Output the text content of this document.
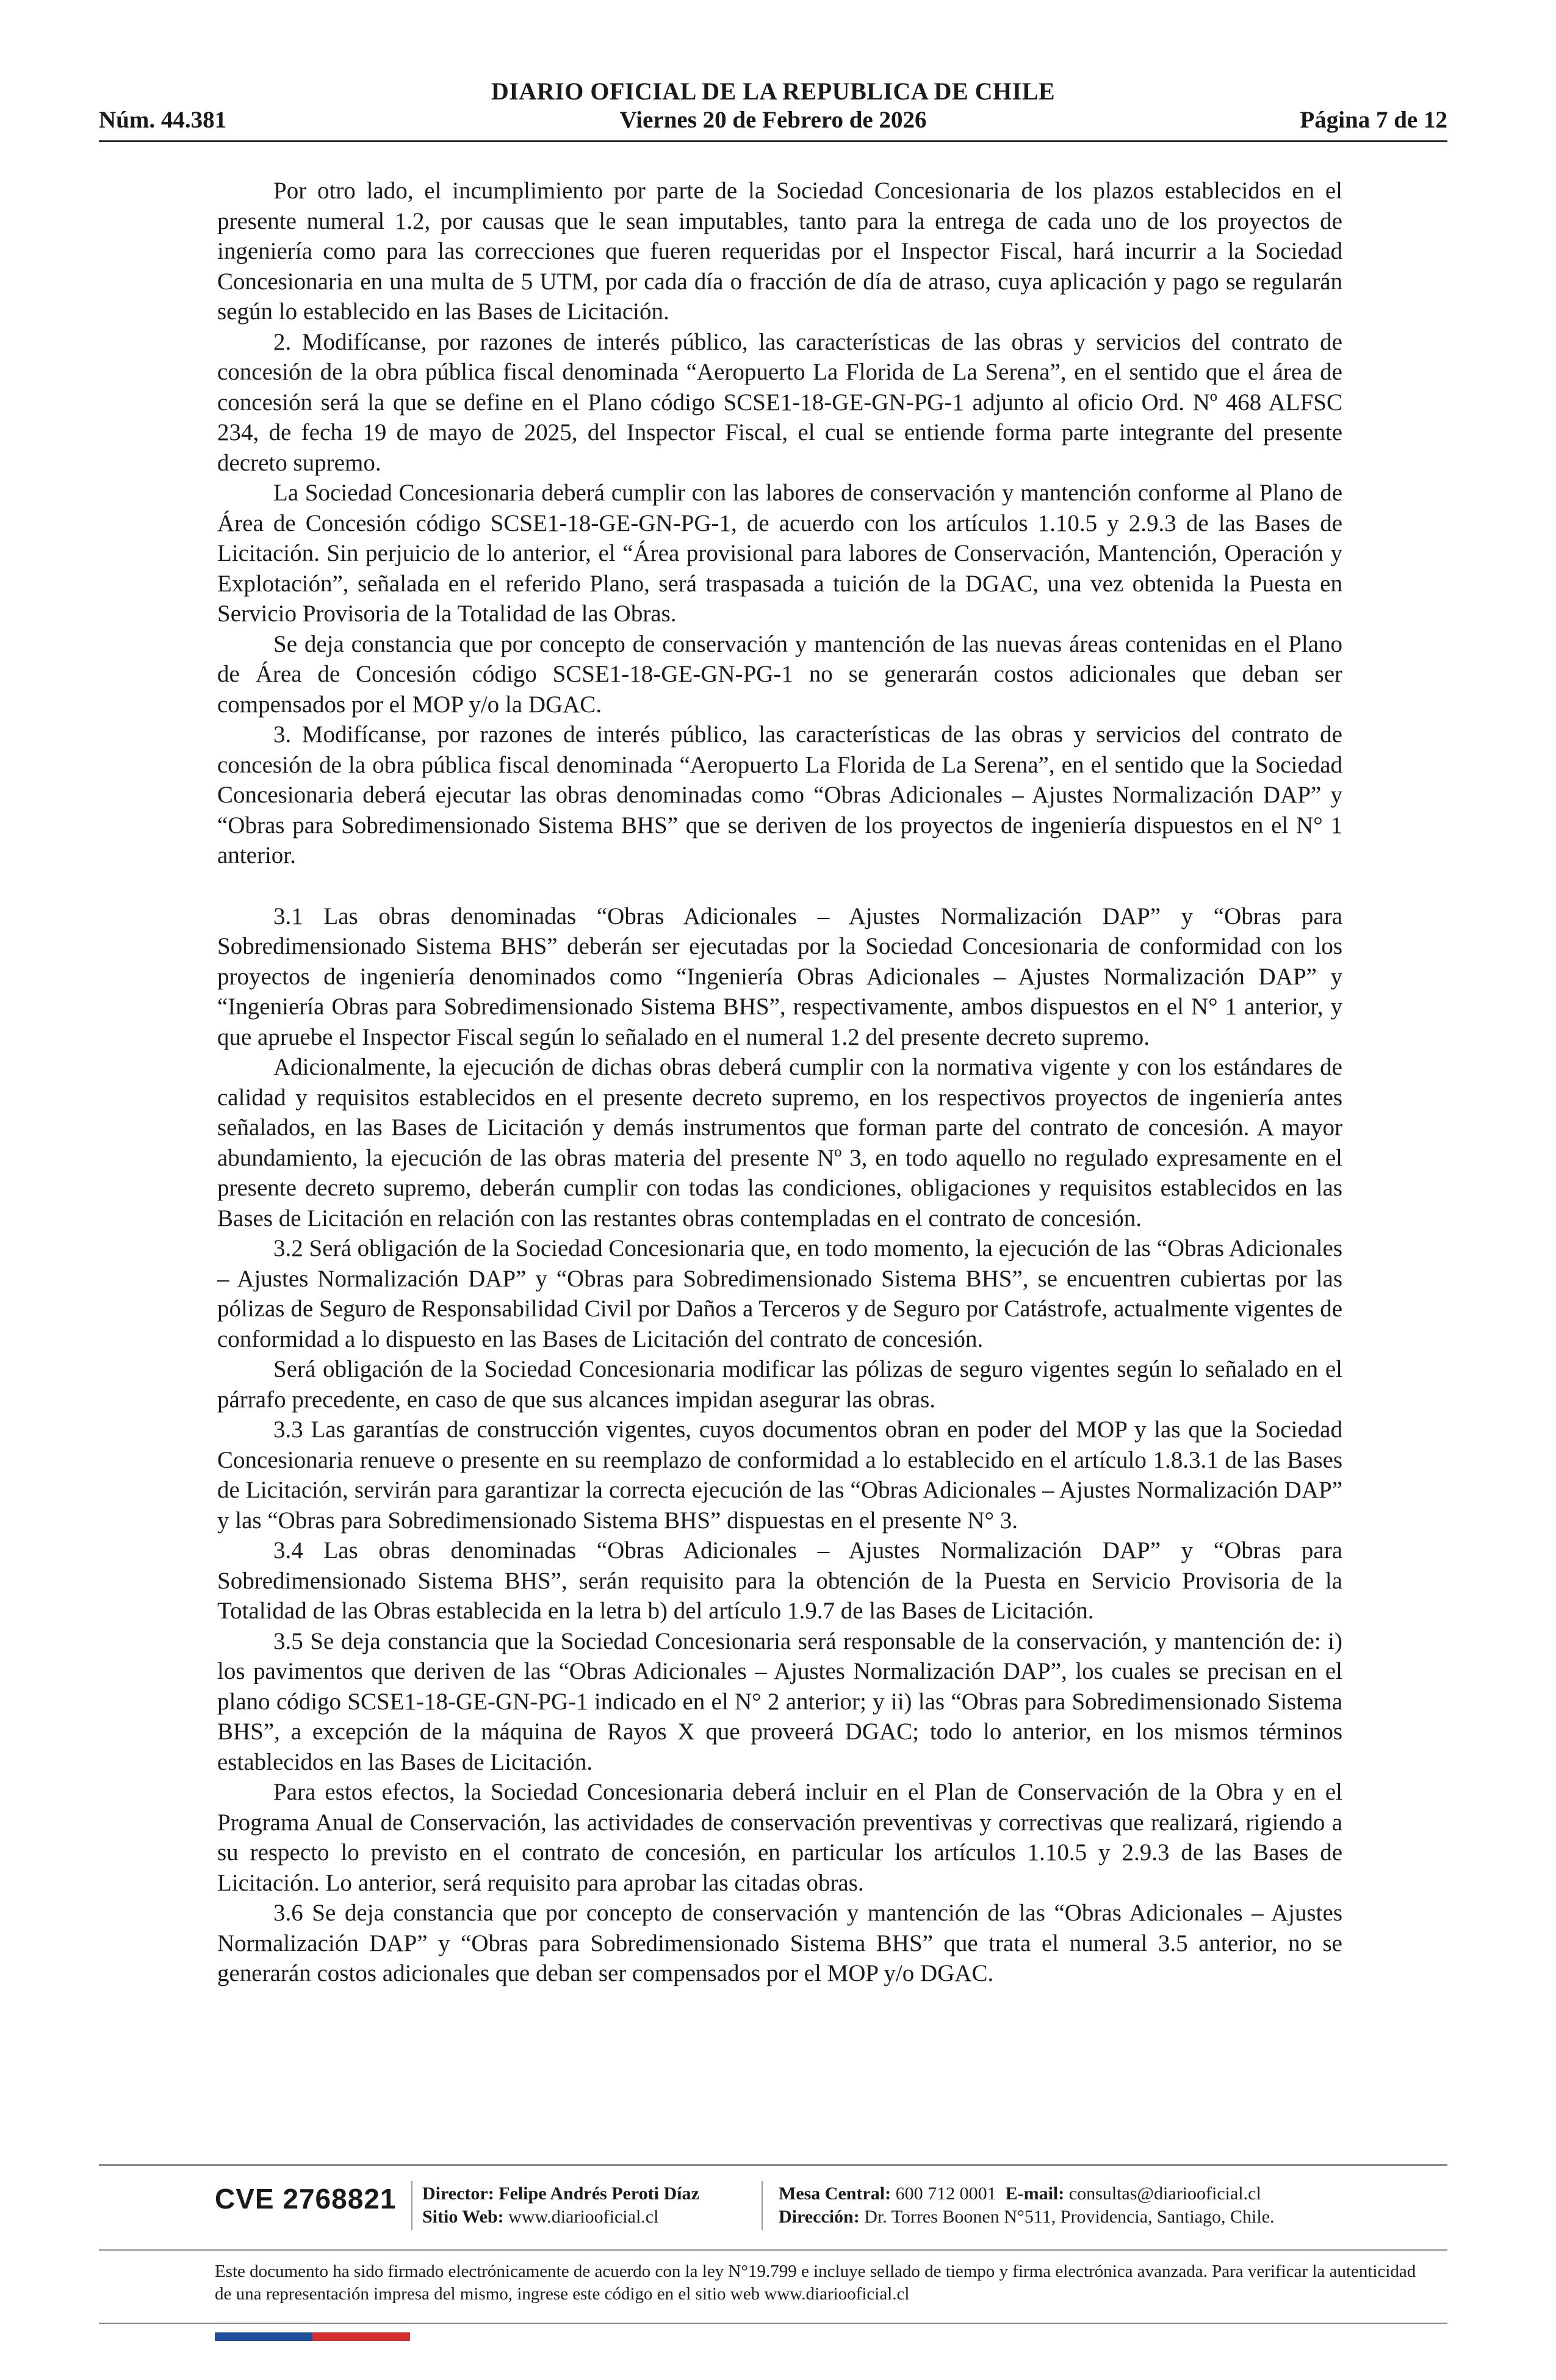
DIARIO OFICIAL DE LA REPUBLICA DE CHILE
Núm. 44.381	Viernes 20 de Febrero de 2026	Página 7 de 12

Por otro lado, el incumplimiento por parte de la Sociedad Concesionaria de los plazos establecidos en el presente numeral 1.2, por causas que le sean imputables, tanto para la entrega de cada uno de los proyectos de ingeniería como para las correcciones que fueren requeridas por el Inspector Fiscal, hará incurrir a la Sociedad Concesionaria en una multa de 5 UTM, por cada día o fracción de día de atraso, cuya aplicación y pago se regularán según lo establecido en las Bases de Licitación.

2. Modifícanse, por razones de interés público, las características de las obras y servicios del contrato de concesión de la obra pública fiscal denominada “Aeropuerto La Florida de La Serena”, en el sentido que el área de concesión será la que se define en el Plano código SCSE1-18-GE-GN-PG-1 adjunto al oficio Ord. Nº 468 ALFSC 234, de fecha 19 de mayo de 2025, del Inspector Fiscal, el cual se entiende forma parte integrante del presente decreto supremo.

La Sociedad Concesionaria deberá cumplir con las labores de conservación y mantención conforme al Plano de Área de Concesión código SCSE1-18-GE-GN-PG-1, de acuerdo con los artículos 1.10.5 y 2.9.3 de las Bases de Licitación. Sin perjuicio de lo anterior, el “Área provisional para labores de Conservación, Mantención, Operación y Explotación”, señalada en el referido Plano, será traspasada a tuición de la DGAC, una vez obtenida la Puesta en Servicio Provisoria de la Totalidad de las Obras.

Se deja constancia que por concepto de conservación y mantención de las nuevas áreas contenidas en el Plano de Área de Concesión código SCSE1-18-GE-GN-PG-1 no se generarán costos adicionales que deban ser compensados por el MOP y/o la DGAC.

3. Modifícanse, por razones de interés público, las características de las obras y servicios del contrato de concesión de la obra pública fiscal denominada “Aeropuerto La Florida de La Serena”, en el sentido que la Sociedad Concesionaria deberá ejecutar las obras denominadas como “Obras Adicionales – Ajustes Normalización DAP” y “Obras para Sobredimensionado Sistema BHS” que se deriven de los proyectos de ingeniería dispuestos en el N° 1 anterior.

3.1 Las obras denominadas “Obras Adicionales – Ajustes Normalización DAP” y “Obras para Sobredimensionado Sistema BHS” deberán ser ejecutadas por la Sociedad Concesionaria de conformidad con los proyectos de ingeniería denominados como “Ingeniería Obras Adicionales – Ajustes Normalización DAP” y “Ingeniería Obras para Sobredimensionado Sistema BHS”, respectivamente, ambos dispuestos en el N° 1 anterior, y que apruebe el Inspector Fiscal según lo señalado en el numeral 1.2 del presente decreto supremo.

Adicionalmente, la ejecución de dichas obras deberá cumplir con la normativa vigente y con los estándares de calidad y requisitos establecidos en el presente decreto supremo, en los respectivos proyectos de ingeniería antes señalados, en las Bases de Licitación y demás instrumentos que forman parte del contrato de concesión. A mayor abundamiento, la ejecución de las obras materia del presente Nº 3, en todo aquello no regulado expresamente en el presente decreto supremo, deberán cumplir con todas las condiciones, obligaciones y requisitos establecidos en las Bases de Licitación en relación con las restantes obras contempladas en el contrato de concesión.

3.2 Será obligación de la Sociedad Concesionaria que, en todo momento, la ejecución de las “Obras Adicionales – Ajustes Normalización DAP” y “Obras para Sobredimensionado Sistema BHS”, se encuentren cubiertas por las pólizas de Seguro de Responsabilidad Civil por Daños a Terceros y de Seguro por Catástrofe, actualmente vigentes de conformidad a lo dispuesto en las Bases de Licitación del contrato de concesión.

Será obligación de la Sociedad Concesionaria modificar las pólizas de seguro vigentes según lo señalado en el párrafo precedente, en caso de que sus alcances impidan asegurar las obras.

3.3 Las garantías de construcción vigentes, cuyos documentos obran en poder del MOP y las que la Sociedad Concesionaria renueve o presente en su reemplazo de conformidad a lo establecido en el artículo 1.8.3.1 de las Bases de Licitación, servirán para garantizar la correcta ejecución de las “Obras Adicionales – Ajustes Normalización DAP” y las “Obras para Sobredimensionado Sistema BHS” dispuestas en el presente N° 3.

3.4 Las obras denominadas “Obras Adicionales – Ajustes Normalización DAP” y “Obras para Sobredimensionado Sistema BHS”, serán requisito para la obtención de la Puesta en Servicio Provisoria de la Totalidad de las Obras establecida en la letra b) del artículo 1.9.7 de las Bases de Licitación.

3.5 Se deja constancia que la Sociedad Concesionaria será responsable de la conservación, y mantención de: i) los pavimentos que deriven de las “Obras Adicionales – Ajustes Normalización DAP”, los cuales se precisan en el plano código SCSE1-18-GE-GN-PG-1 indicado en el N° 2 anterior; y ii) las “Obras para Sobredimensionado Sistema BHS”, a excepción de la máquina de Rayos X que proveerá DGAC; todo lo anterior, en los mismos términos establecidos en las Bases de Licitación.

Para estos efectos, la Sociedad Concesionaria deberá incluir en el Plan de Conservación de la Obra y en el Programa Anual de Conservación, las actividades de conservación preventivas y correctivas que realizará, rigiendo a su respecto lo previsto en el contrato de concesión, en particular los artículos 1.10.5 y 2.9.3 de las Bases de Licitación. Lo anterior, será requisito para aprobar las citadas obras.

3.6 Se deja constancia que por concepto de conservación y mantención de las “Obras Adicionales – Ajustes Normalización DAP” y “Obras para Sobredimensionado Sistema BHS” que trata el numeral 3.5 anterior, no se generarán costos adicionales que deban ser compensados por el MOP y/o DGAC.

CVE 2768821 Director: Felipe Andrés Peroti Díaz
Sitio Web: www.diariooficial.cl
Mesa Central: 600 712 0001 E-mail: consultas@diariooficial.cl
Dirección: Dr. Torres Boonen N°511, Providencia, Santiago, Chile.
Este documento ha sido firmado electrónicamente de acuerdo con la ley N°19.799 e incluye sellado de tiempo y firma electrónica avanzada. Para verificar la autenticidad de una representación impresa del mismo, ingrese este código en el sitio web www.diariooficial.cl
